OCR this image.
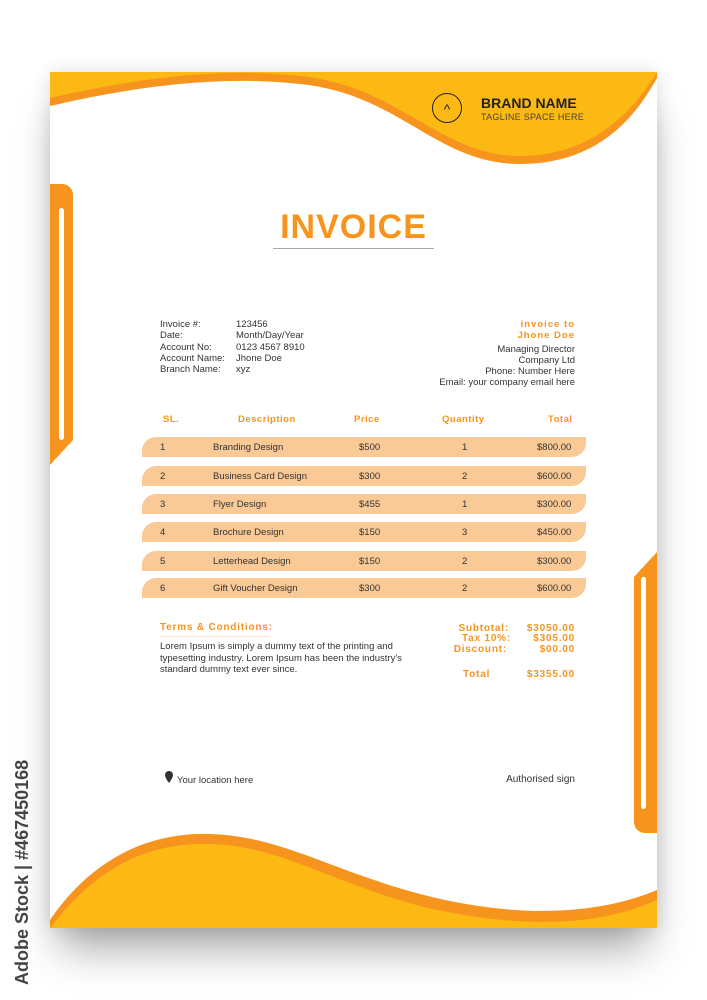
^	BRAND NAME
TAGLINE SPACE HERE
INVOICE
Invoice #:	123456
Date:	Month/Day/Year
Account No:	0123 4567 8910
Account Name:	Jhone Doe
Branch Name:	xyz
invoice to
Jhone Doe
Managing Director
Company Ltd
Phone: Number Here
Email: your company email here
SL.	Description	Price	Quantity	Total
1	Branding Design	$500	1	$800.00
2	Business Card Design	$300	2	$600.00
3	Flyer Design	$455	1	$300.00
4	Brochure Design	$150	3	$450.00
5	Letterhead Design	$150	2	$300.00
6	Gift Voucher Design	$300	2	$600.00
Terms & Conditions:
Lorem Ipsum is simply a dummy text of the printing and typesetting industry. Lorem Ipsum has been the industry's standard dummy text ever since.
Subtotal: $3050.00
Tax 10%: $305.00
Discount:	$00.00
Total	$3355.00
Your location here	Authorised sign
Adobe Stock | #467450168
